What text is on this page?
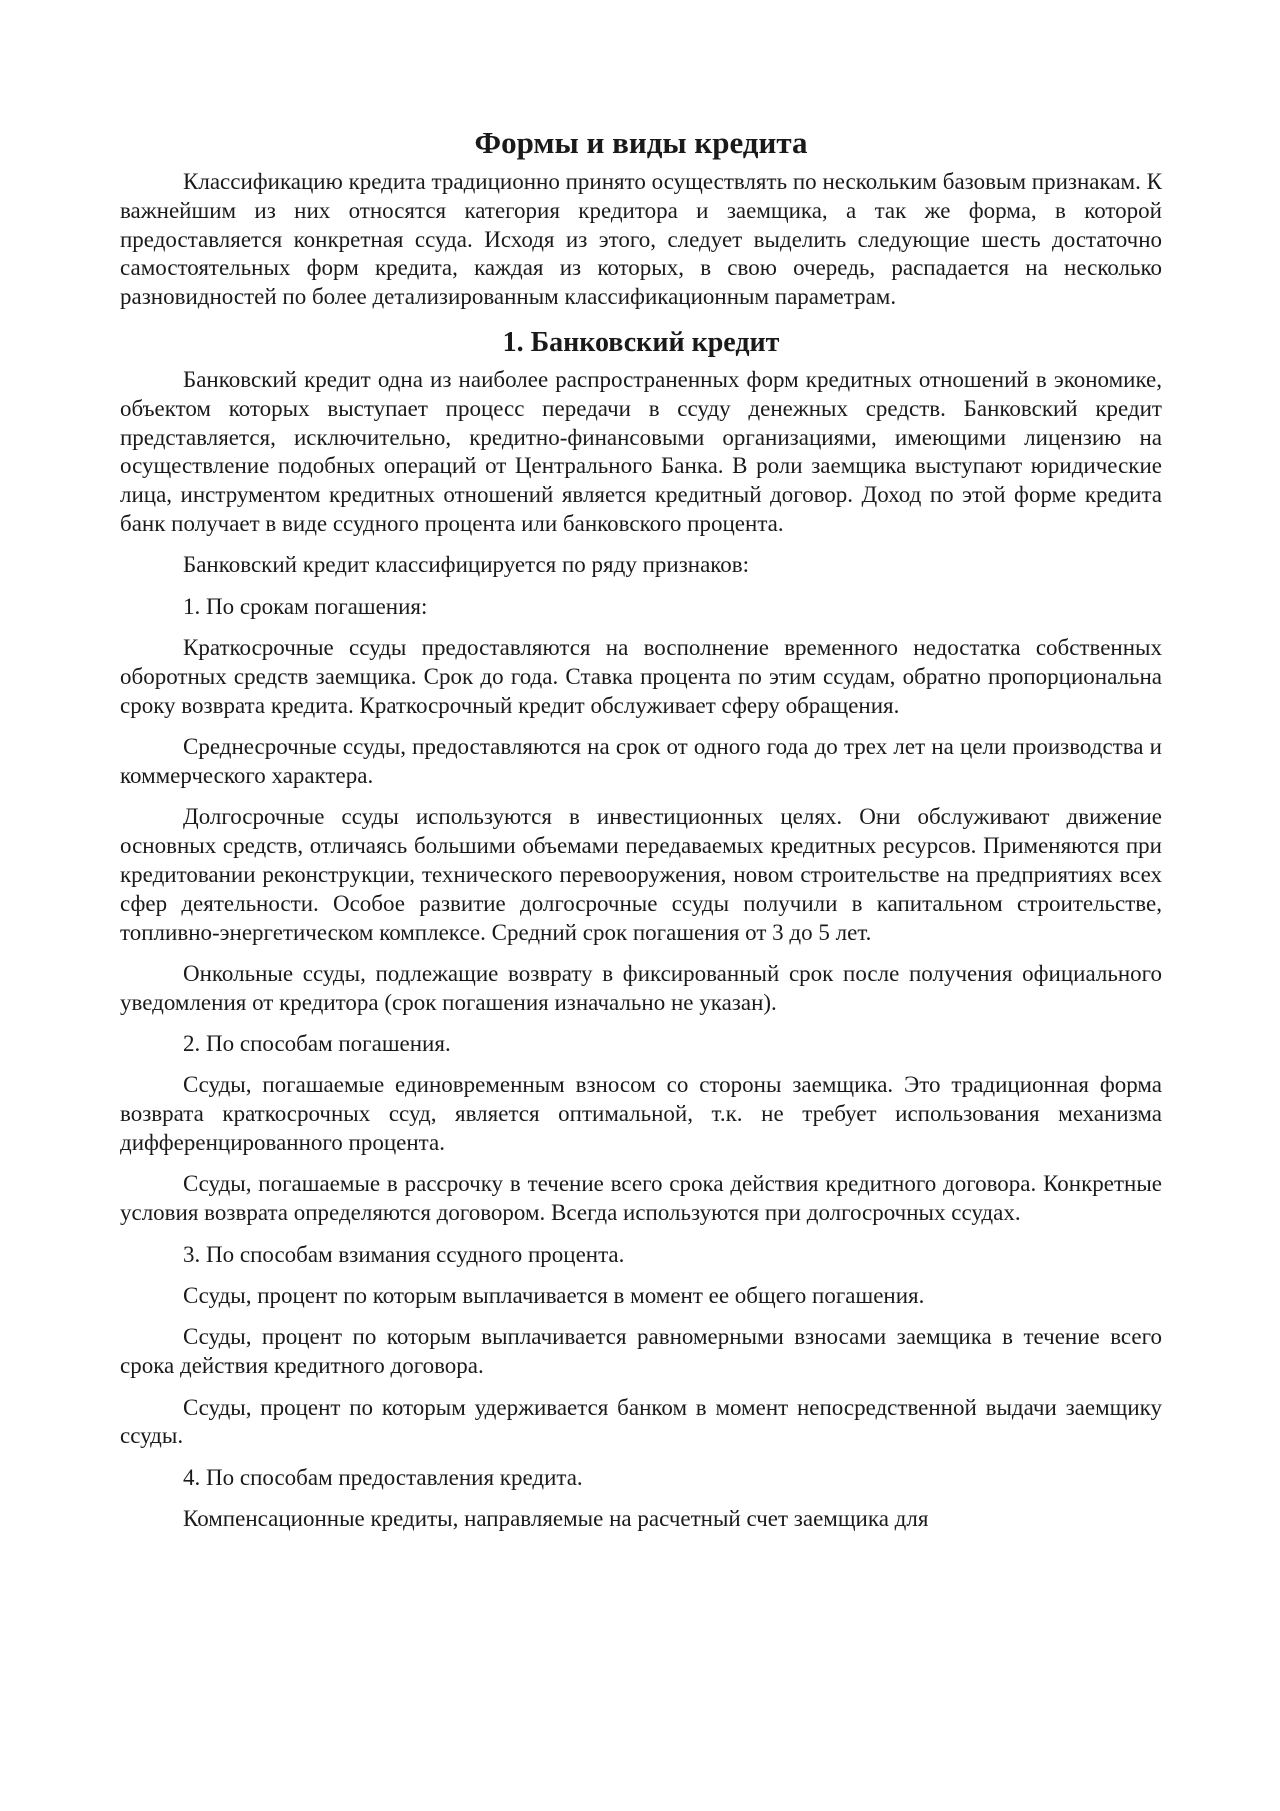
Формы и виды кредита

Классификацию кредита традиционно принято осуществлять по нескольким базовым признакам. К важнейшим из них относятся категория кредитора и заемщика, а так же форма, в которой предоставляется конкретная ссуда. Исходя из этого, следует выделить следующие шесть достаточно самостоятельных форм кредита, каждая из которых, в свою очередь, распадается на несколько разновидностей по более детализированным классификационным параметрам.

1. Банковский кредит

Банковский кредит одна из наиболее распространенных форм кредитных отношений в экономике, объектом которых выступает процесс передачи в ссуду денежных средств. Банковский кредит представляется, исключительно, кредитно-финансовыми организациями, имеющими лицензию на осуществление подобных операций от Центрального Банка. В роли заемщика выступают юридические лица, инструментом кредитных отношений является кредитный договор. Доход по этой форме кредита банк получает в виде ссудного процента или банковского процента.

Банковский кредит классифицируется по ряду признаков:

1. По срокам погашения:

Краткосрочные ссуды предоставляются на восполнение временного недостатка собственных оборотных средств заемщика. Срок до года. Ставка процента по этим ссудам, обратно пропорциональна сроку возврата кредита. Краткосрочный кредит обслуживает сферу обращения.

Среднесрочные ссуды, предоставляются на срок от одного года до трех лет на цели производства и коммерческого характера.

Долгосрочные ссуды используются в инвестиционных целях. Они обслуживают движение основных средств, отличаясь большими объемами передаваемых кредитных ресурсов. Применяются при кредитовании реконструкции, технического перевооружения, новом строительстве на предприятиях всех сфер деятельности. Особое развитие долгосрочные ссуды получили в капитальном строительстве, топливно-энергетическом комплексе. Средний срок погашения от 3 до 5 лет.

Онкольные ссуды, подлежащие возврату в фиксированный срок после получения официального уведомления от кредитора (срок погашения изначально не указан).

2. По способам погашения.

Ссуды, погашаемые единовременным взносом со стороны заемщика. Это традиционная форма возврата краткосрочных ссуд, является оптимальной, т.к. не требует использования механизма дифференцированного процента.

Ссуды, погашаемые в рассрочку в течение всего срока действия кредитного договора. Конкретные условия возврата определяются договором. Всегда используются при долгосрочных ссудах.

3. По способам взимания ссудного процента.

Ссуды, процент по которым выплачивается в момент ее общего погашения.

Ссуды, процент по которым выплачивается равномерными взносами заемщика в течение всего срока действия кредитного договора.

Ссуды, процент по которым удерживается банком в момент непосредственной выдачи заемщику ссуды.

4. По способам предоставления кредита.

Компенсационные кредиты, направляемые на расчетный счет заемщика для
